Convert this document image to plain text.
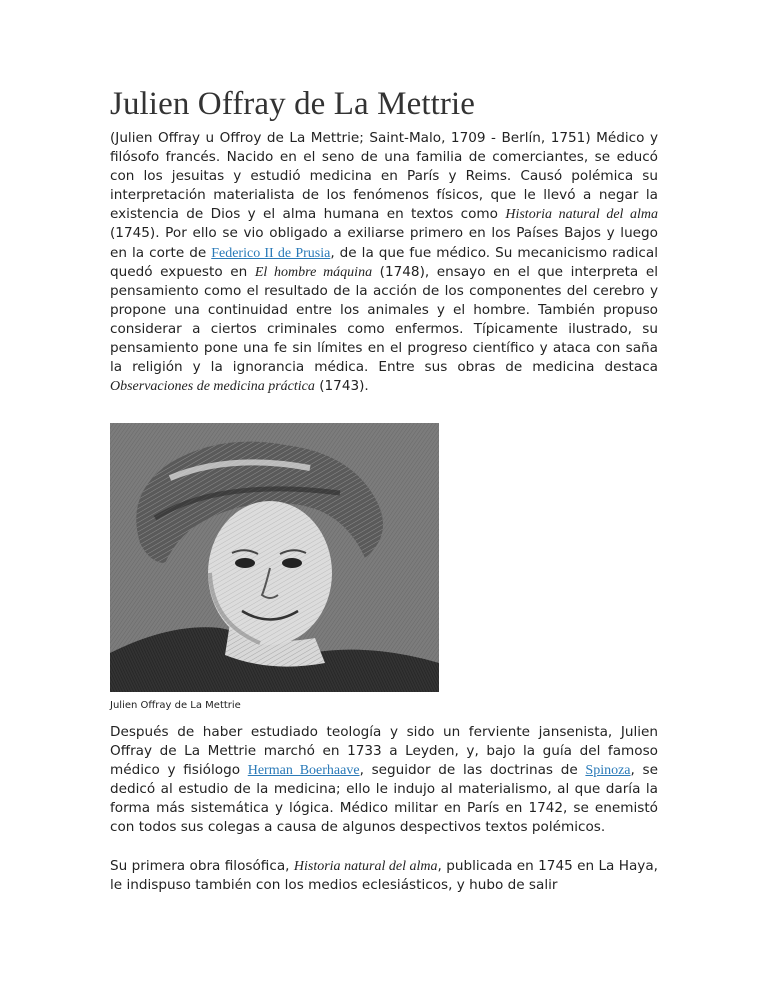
Julien Offray de La Mettrie

(Julien Offray u Offroy de La Mettrie; Saint-Malo, 1709 - Berlín, 1751) Médico y filósofo francés. Nacido en el seno de una familia de comerciantes, se educó con los jesuitas y estudió medicina en París y Reims. Causó polémica su interpretación materialista de los fenómenos físicos, que le llevó a negar la existencia de Dios y el alma humana en textos como Historia natural del alma (1745). Por ello se vio obligado a exiliarse primero en los Países Bajos y luego en la corte de Federico II de Prusia, de la que fue médico. Su mecanicismo radical quedó expuesto en El hombre máquina (1748), ensayo en el que interpreta el pensamiento como el resultado de la acción de los componentes del cerebro y propone una continuidad entre los animales y el hombre. También propuso considerar a ciertos criminales como enfermos. Típicamente ilustrado, su pensamiento pone una fe sin límites en el progreso científico y ataca con saña la religión y la ignorancia médica. Entre sus obras de medicina destaca Observaciones de medicina práctica (1743).

Julien Offray de La Mettrie

Después de haber estudiado teología y sido un ferviente jansenista, Julien Offray de La Mettrie marchó en 1733 a Leyden, y, bajo la guía del famoso médico y fisiólogo Herman Boerhaave, seguidor de las doctrinas de Spinoza, se dedicó al estudio de la medicina; ello le indujo al materialismo, al que daría la forma más sistemática y lógica. Médico militar en París en 1742, se enemistó con todos sus colegas a causa de algunos despectivos textos polémicos.

Su primera obra filosófica, Historia natural del alma, publicada en 1745 en La Haya, le indispuso también con los medios eclesiásticos, y hubo de salir
